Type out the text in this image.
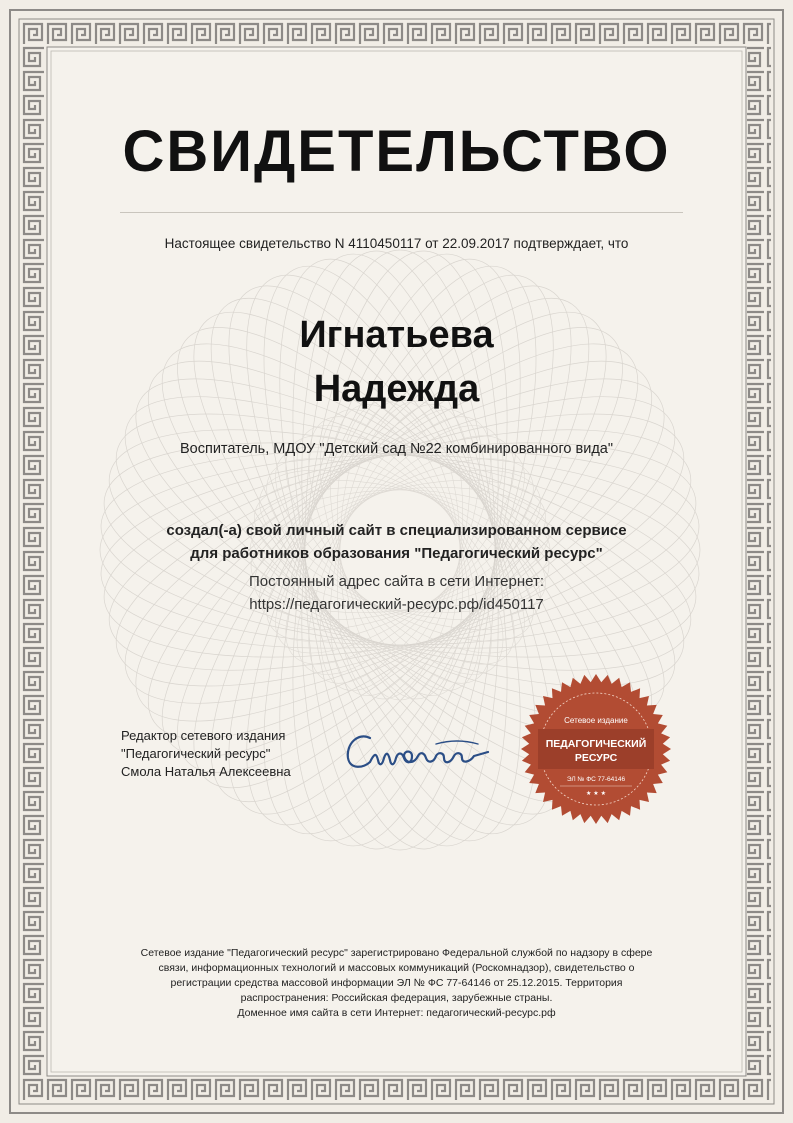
СВИДЕТЕЛЬСТВО
Настоящее свидетельство N 4110450117 от 22.09.2017 подтверждает, что
Игнатьева
Надежда
Воспитатель, МДОУ "Детский сад №22 комбинированного вида"
создал(-а) свой личный сайт в специализированном сервисе
для работников образования "Педагогический ресурс"
Постоянный адрес сайта в сети Интернет:
https://педагогический-ресурс.рф/id450117
Редактор сетевого издания
"Педагогический ресурс"
Смола Наталья Алексеевна
Сетевое издание
ПЕДАГОГИЧЕСКИЙ
РЕСУРС
ЭЛ № ФС 77-64146
★ ★ ★
Сетевое издание "Педагогический ресурс" зарегистрировано Федеральной службой по надзору в сфере
связи, информационных технологий и массовых коммуникаций (Роскомнадзор), свидетельство о
регистрации средства массовой информации ЭЛ № ФС 77-64146 от 25.12.2015. Территория
распространения: Российская федерация, зарубежные страны.
Доменное имя сайта в сети Интернет: педагогический-ресурс.рф
